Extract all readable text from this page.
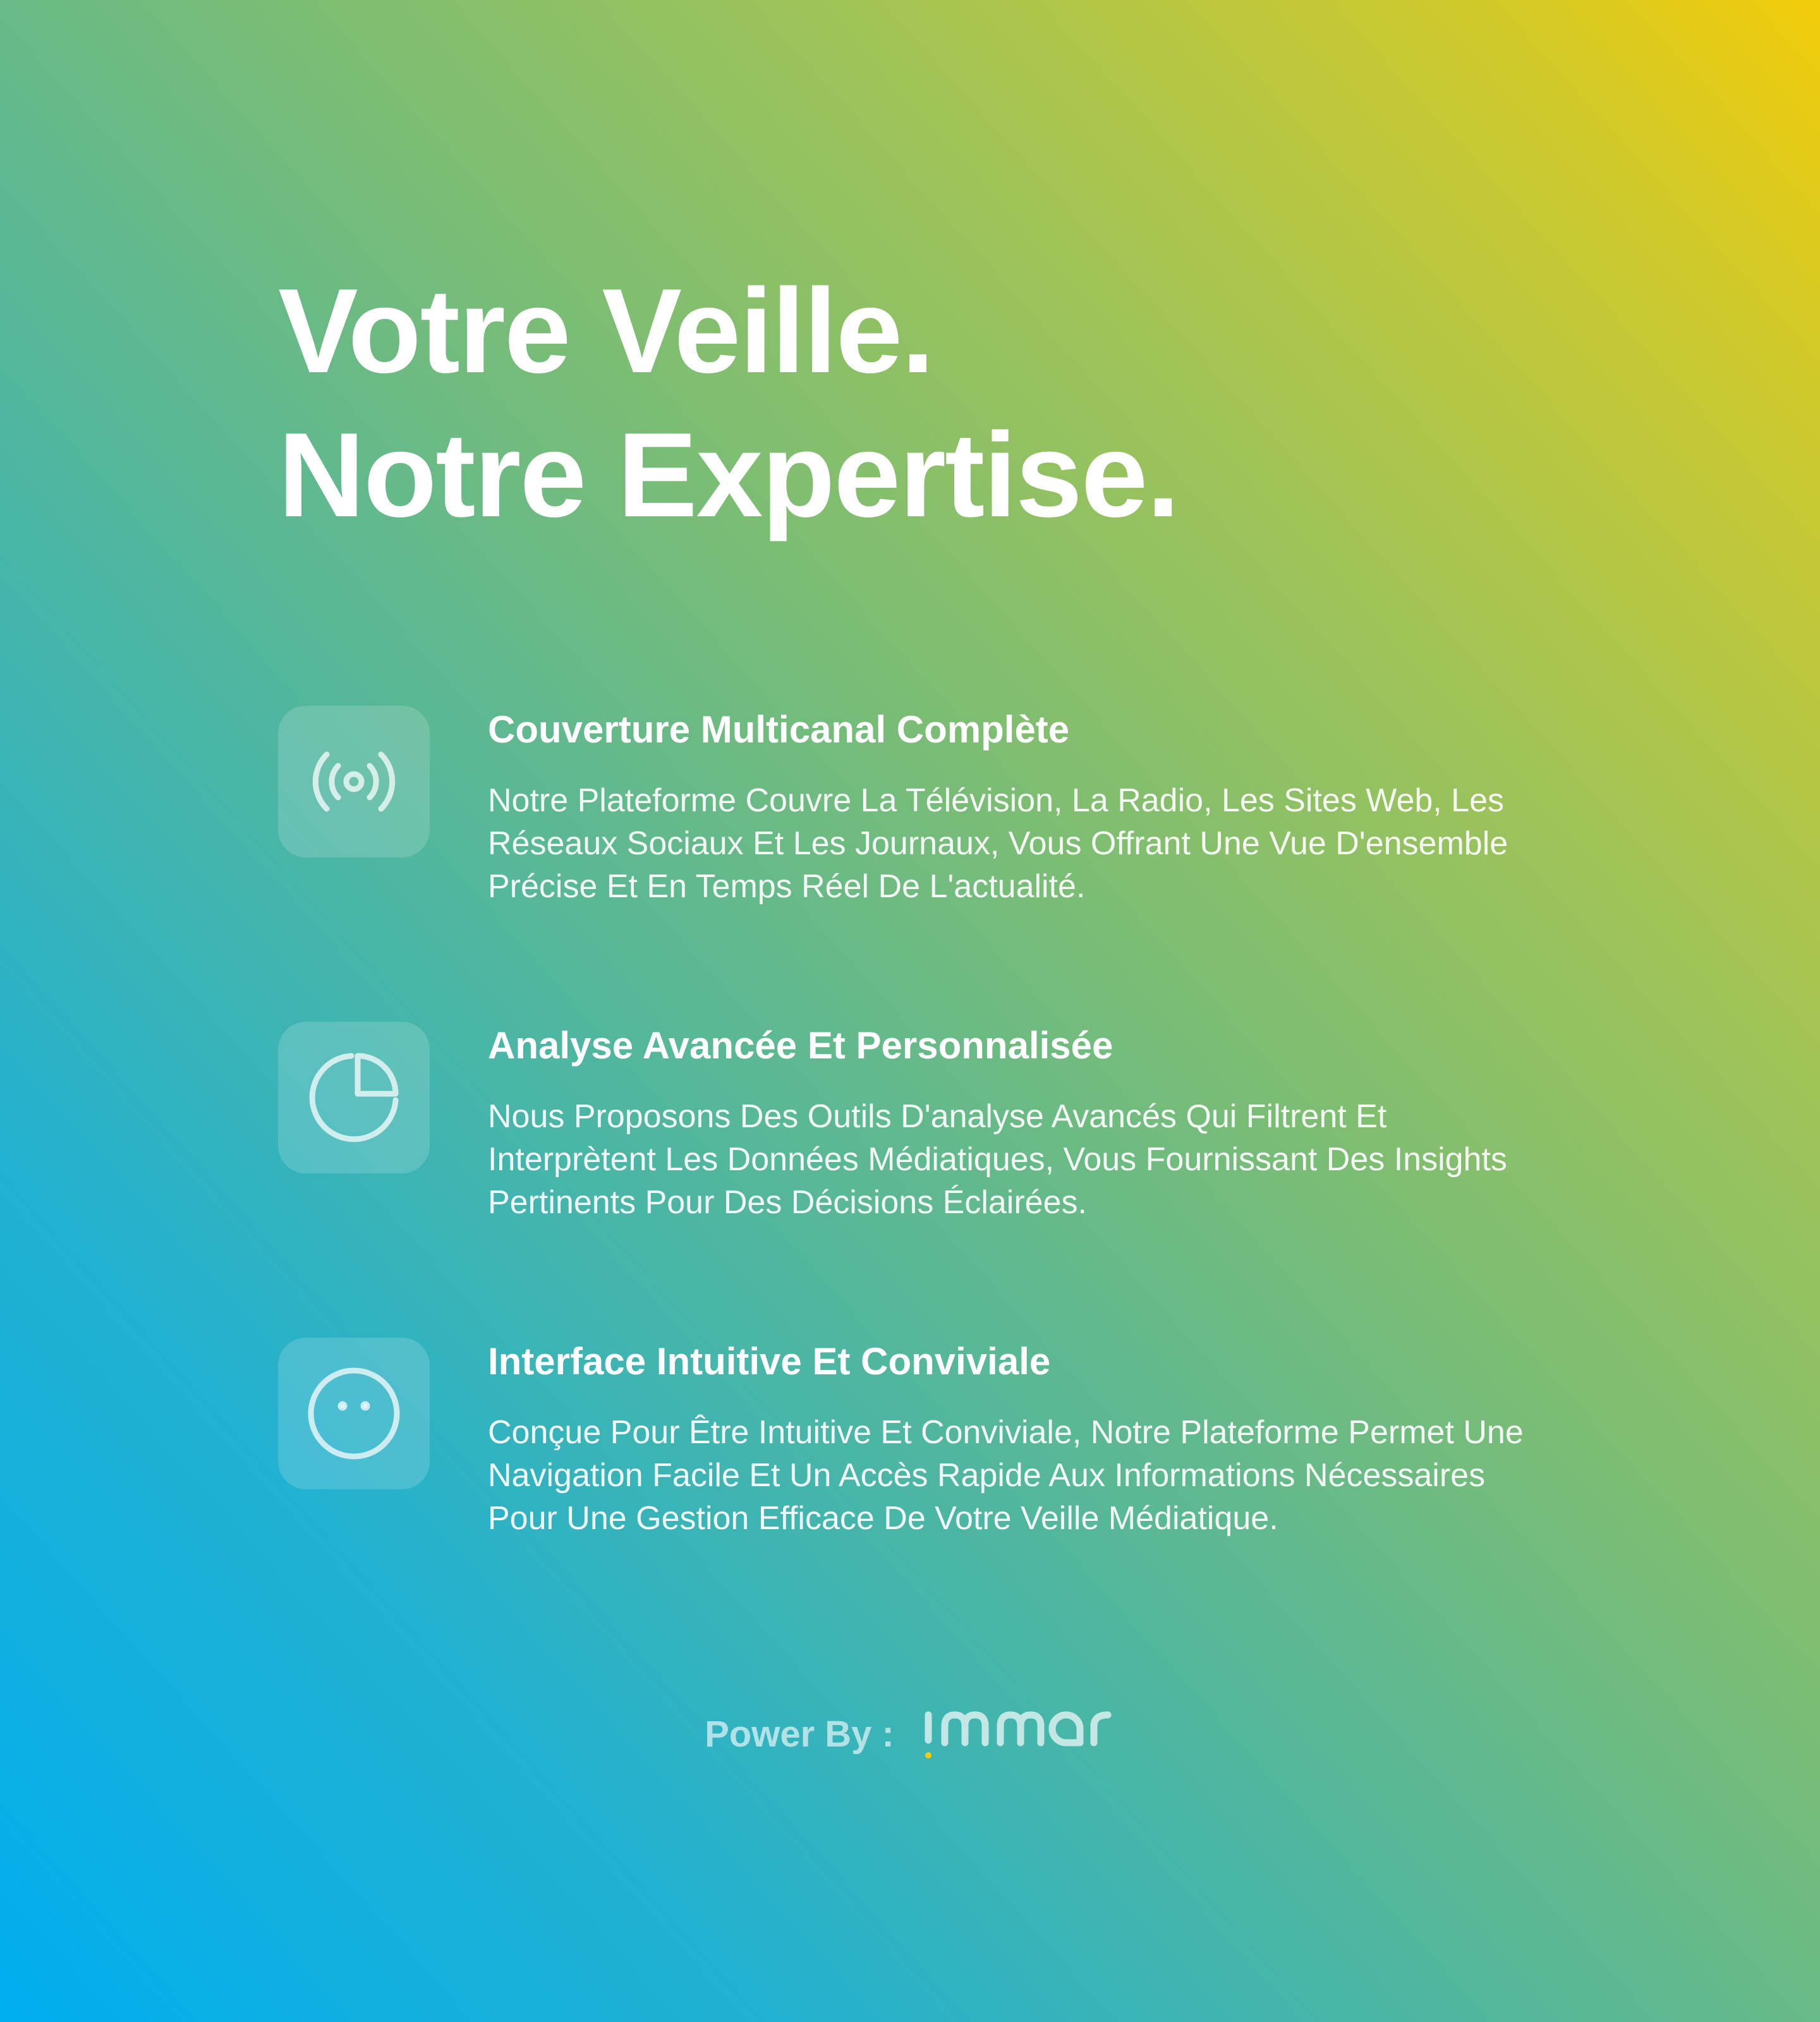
Votre Veille.
Notre Expertise.
Couverture Multicanal Complète

Notre Plateforme Couvre La Télévision, La Radio, Les Sites Web, Les Réseaux Sociaux Et Les Journaux, Vous Offrant Une Vue D'ensemble Précise Et En Temps Réel De L'actualité.

Analyse Avancée Et Personnalisée

Nous Proposons Des Outils D'analyse Avancés Qui Filtrent Et Interprètent Les Données Médiatiques, Vous Fournissant Des Insights Pertinents Pour Des Décisions Éclairées.

Interface Intuitive Et Conviviale

Conçue Pour Être Intuitive Et Conviviale, Notre Plateforme Permet Une Navigation Facile Et Un Accès Rapide Aux Informations Nécessaires Pour Une Gestion Efficace De Votre Veille Médiatique.

Power By :
